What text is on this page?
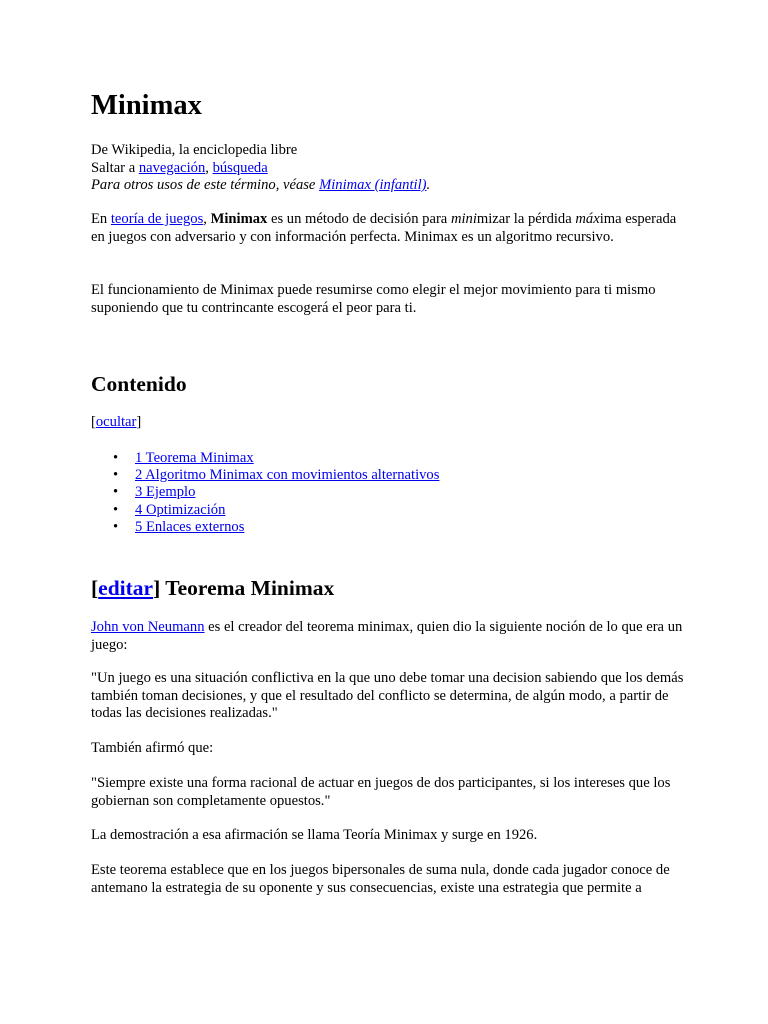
Minimax

De Wikipedia, la enciclopedia libre

Saltar a navegación, búsqueda

Para otros usos de este término, véase Minimax (infantil).

En teoría de juegos, Minimax es un método de decisión para minimizar la pérdida máxima esperada en juegos con adversario y con información perfecta. Minimax es un algoritmo recursivo.

El funcionamiento de Minimax puede resumirse como elegir el mejor movimiento para ti mismo suponiendo que tu contrincante escogerá el peor para ti.

Contenido

[ocultar]

• 1 Teorema Minimax
• 2 Algoritmo Minimax con movimientos alternativos
• 3 Ejemplo
• 4 Optimización
• 5 Enlaces externos
[editar] Teorema Minimax

John von Neumann es el creador del teorema minimax, quien dio la siguiente noción de lo que era un juego:

"Un juego es una situación conflictiva en la que uno debe tomar una decision sabiendo que los demás también toman decisiones, y que el resultado del conflicto se determina, de algún modo, a partir de todas las decisiones realizadas."

También afirmó que:

"Siempre existe una forma racional de actuar en juegos de dos participantes, si los intereses que los gobiernan son completamente opuestos."

La demostración a esa afirmación se llama Teoría Minimax y surge en 1926.

Este teorema establece que en los juegos bipersonales de suma nula, donde cada jugador conoce de antemano la estrategia de su oponente y sus consecuencias, existe una estrategia que permite a
